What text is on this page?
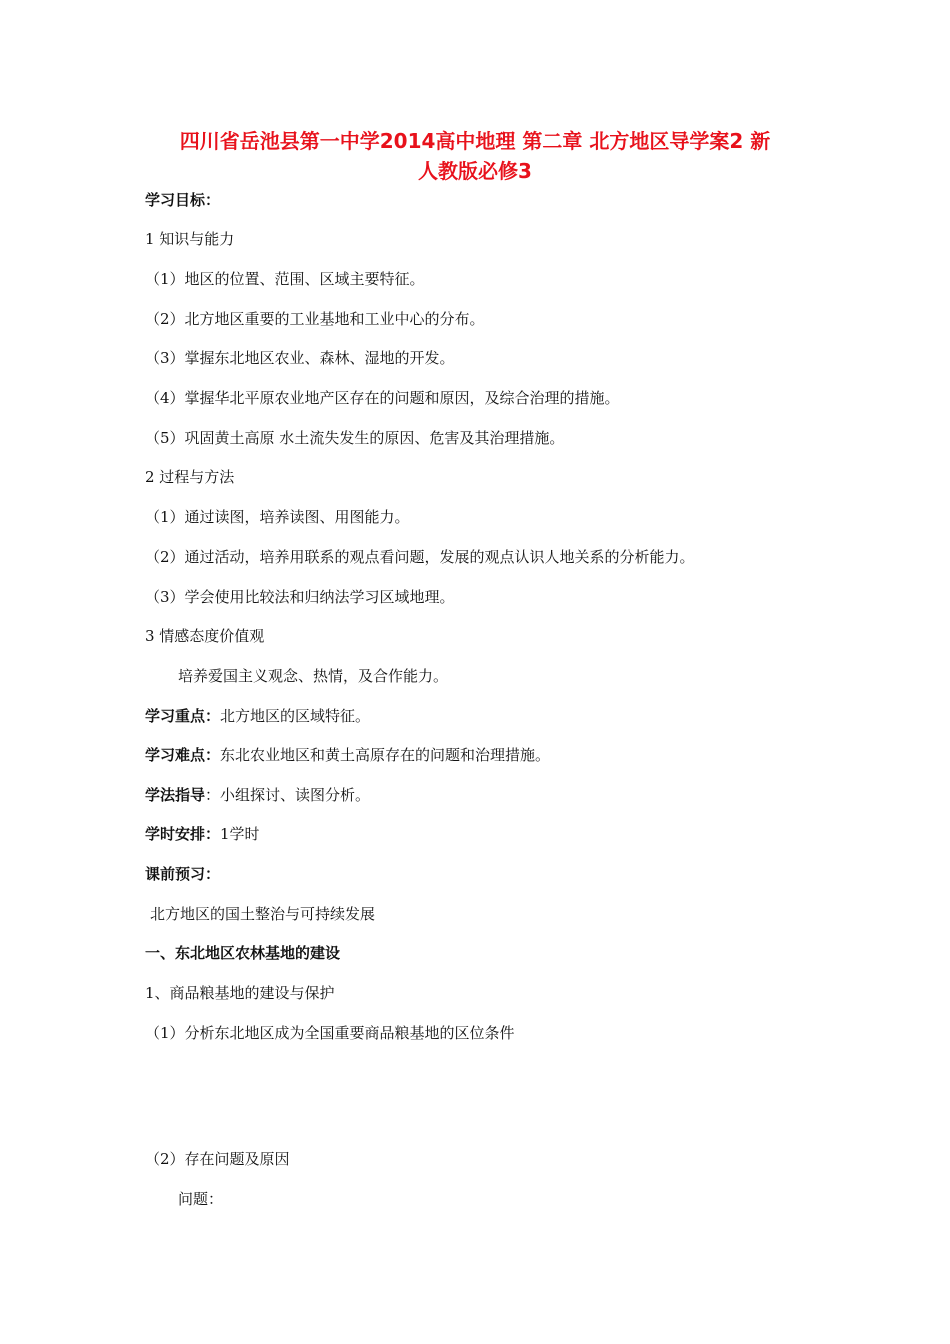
四川省岳池县第一中学2014高中地理 第二章 北方地区导学案2 新
人教版必修3
学习目标：
1 知识与能力
（1）地区的位置、范围、区域主要特征。
（2）北方地区重要的工业基地和工业中心的分布。
（3）掌握东北地区农业、森林、湿地的开发。
（4）掌握华北平原农业地产区存在的问题和原因，及综合治理的措施。
（5）巩固黄土高原 水土流失发生的原因、危害及其治理措施。
2 过程与方法
（1）通过读图，培养读图、用图能力。
（2）通过活动，培养用联系的观点看问题，发展的观点认识人地关系的分析能力。
（3）学会使用比较法和归纳法学习区域地理。
3 情感态度价值观
培养爱国主义观念、热情，及合作能力。
学习重点：北方地区的区域特征。
学习难点：东北农业地区和黄土高原存在的问题和治理措施。
学法指导：小组探讨、读图分析。
学时安排：1学时
课前预习：
北方地区的国土整治与可持续发展
一、东北地区农林基地的建设
1、商品粮基地的建设与保护
（1）分析东北地区成为全国重要商品粮基地的区位条件
（2）存在问题及原因
问题：
